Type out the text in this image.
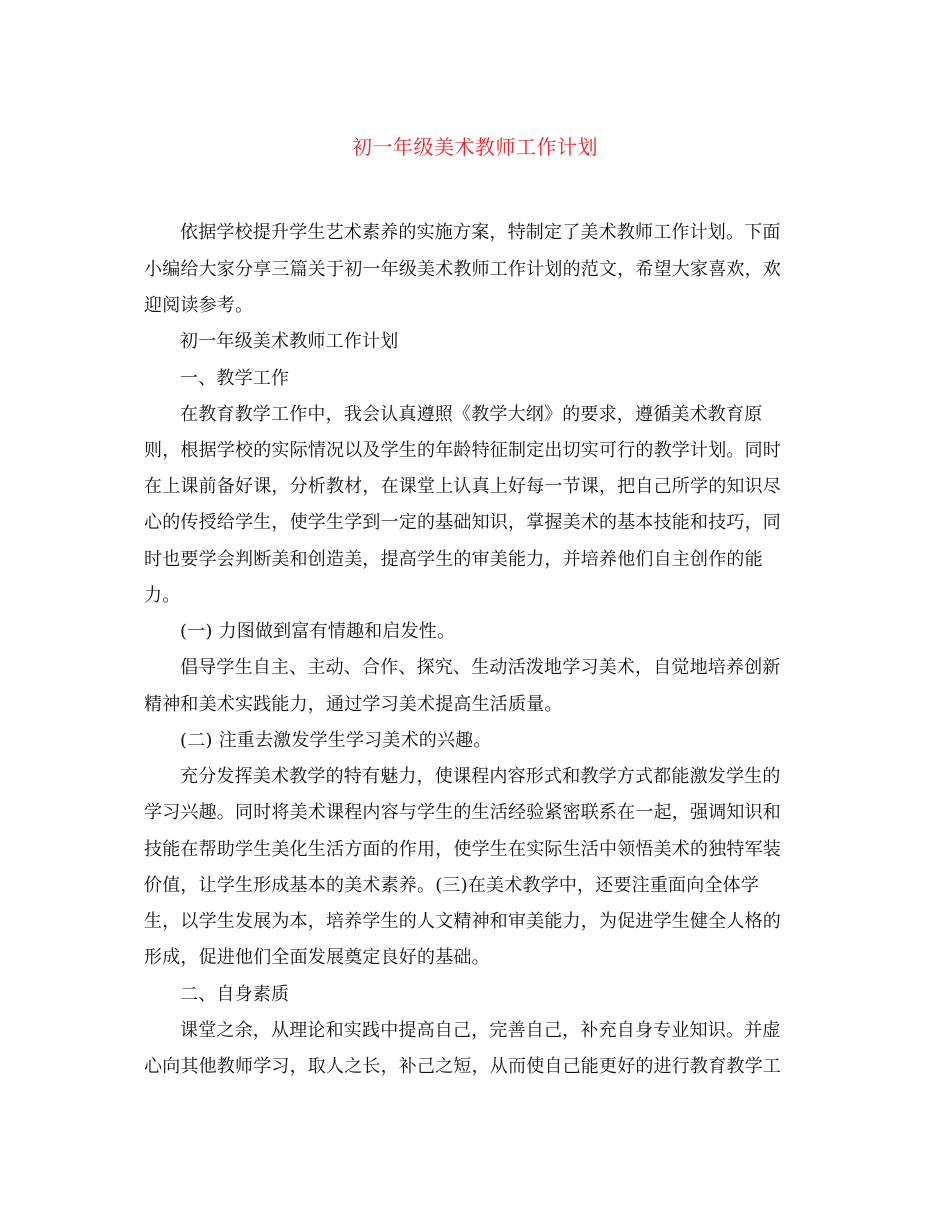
初一年级美术教师工作计划
依据学校提升学生艺术素养的实施方案，特制定了美术教师工作计划。下面
小编给大家分享三篇关于初一年级美术教师工作计划的范文，希望大家喜欢，欢
迎阅读参考。
初一年级美术教师工作计划
一、教学工作
在教育教学工作中，我会认真遵照《教学大纲》的要求，遵循美术教育原
则，根据学校的实际情况以及学生的年龄特征制定出切实可行的教学计划。同时
在上课前备好课，分析教材，在课堂上认真上好每一节课，把自己所学的知识尽
心的传授给学生，使学生学到一定的基础知识，掌握美术的基本技能和技巧，同
时也要学会判断美和创造美，提高学生的审美能力，并培养他们自主创作的能
力。
(一) 力图做到富有情趣和启发性。
倡导学生自主、主动、合作、探究、生动活泼地学习美术，自觉地培养创新
精神和美术实践能力，通过学习美术提高生活质量。
(二) 注重去激发学生学习美术的兴趣。
充分发挥美术教学的特有魅力，使课程内容形式和教学方式都能激发学生的
学习兴趣。同时将美术课程内容与学生的生活经验紧密联系在一起，强调知识和
技能在帮助学生美化生活方面的作用，使学生在实际生活中领悟美术的独特军装
价值，让学生形成基本的美术素养。(三)在美术教学中，还要注重面向全体学
生，以学生发展为本，培养学生的人文精神和审美能力，为促进学生健全人格的
形成，促进他们全面发展奠定良好的基础。
二、自身素质
课堂之余，从理论和实践中提高自己，完善自己，补充自身专业知识。并虚
心向其他教师学习，取人之长，补己之短，从而使自己能更好的进行教育教学工
